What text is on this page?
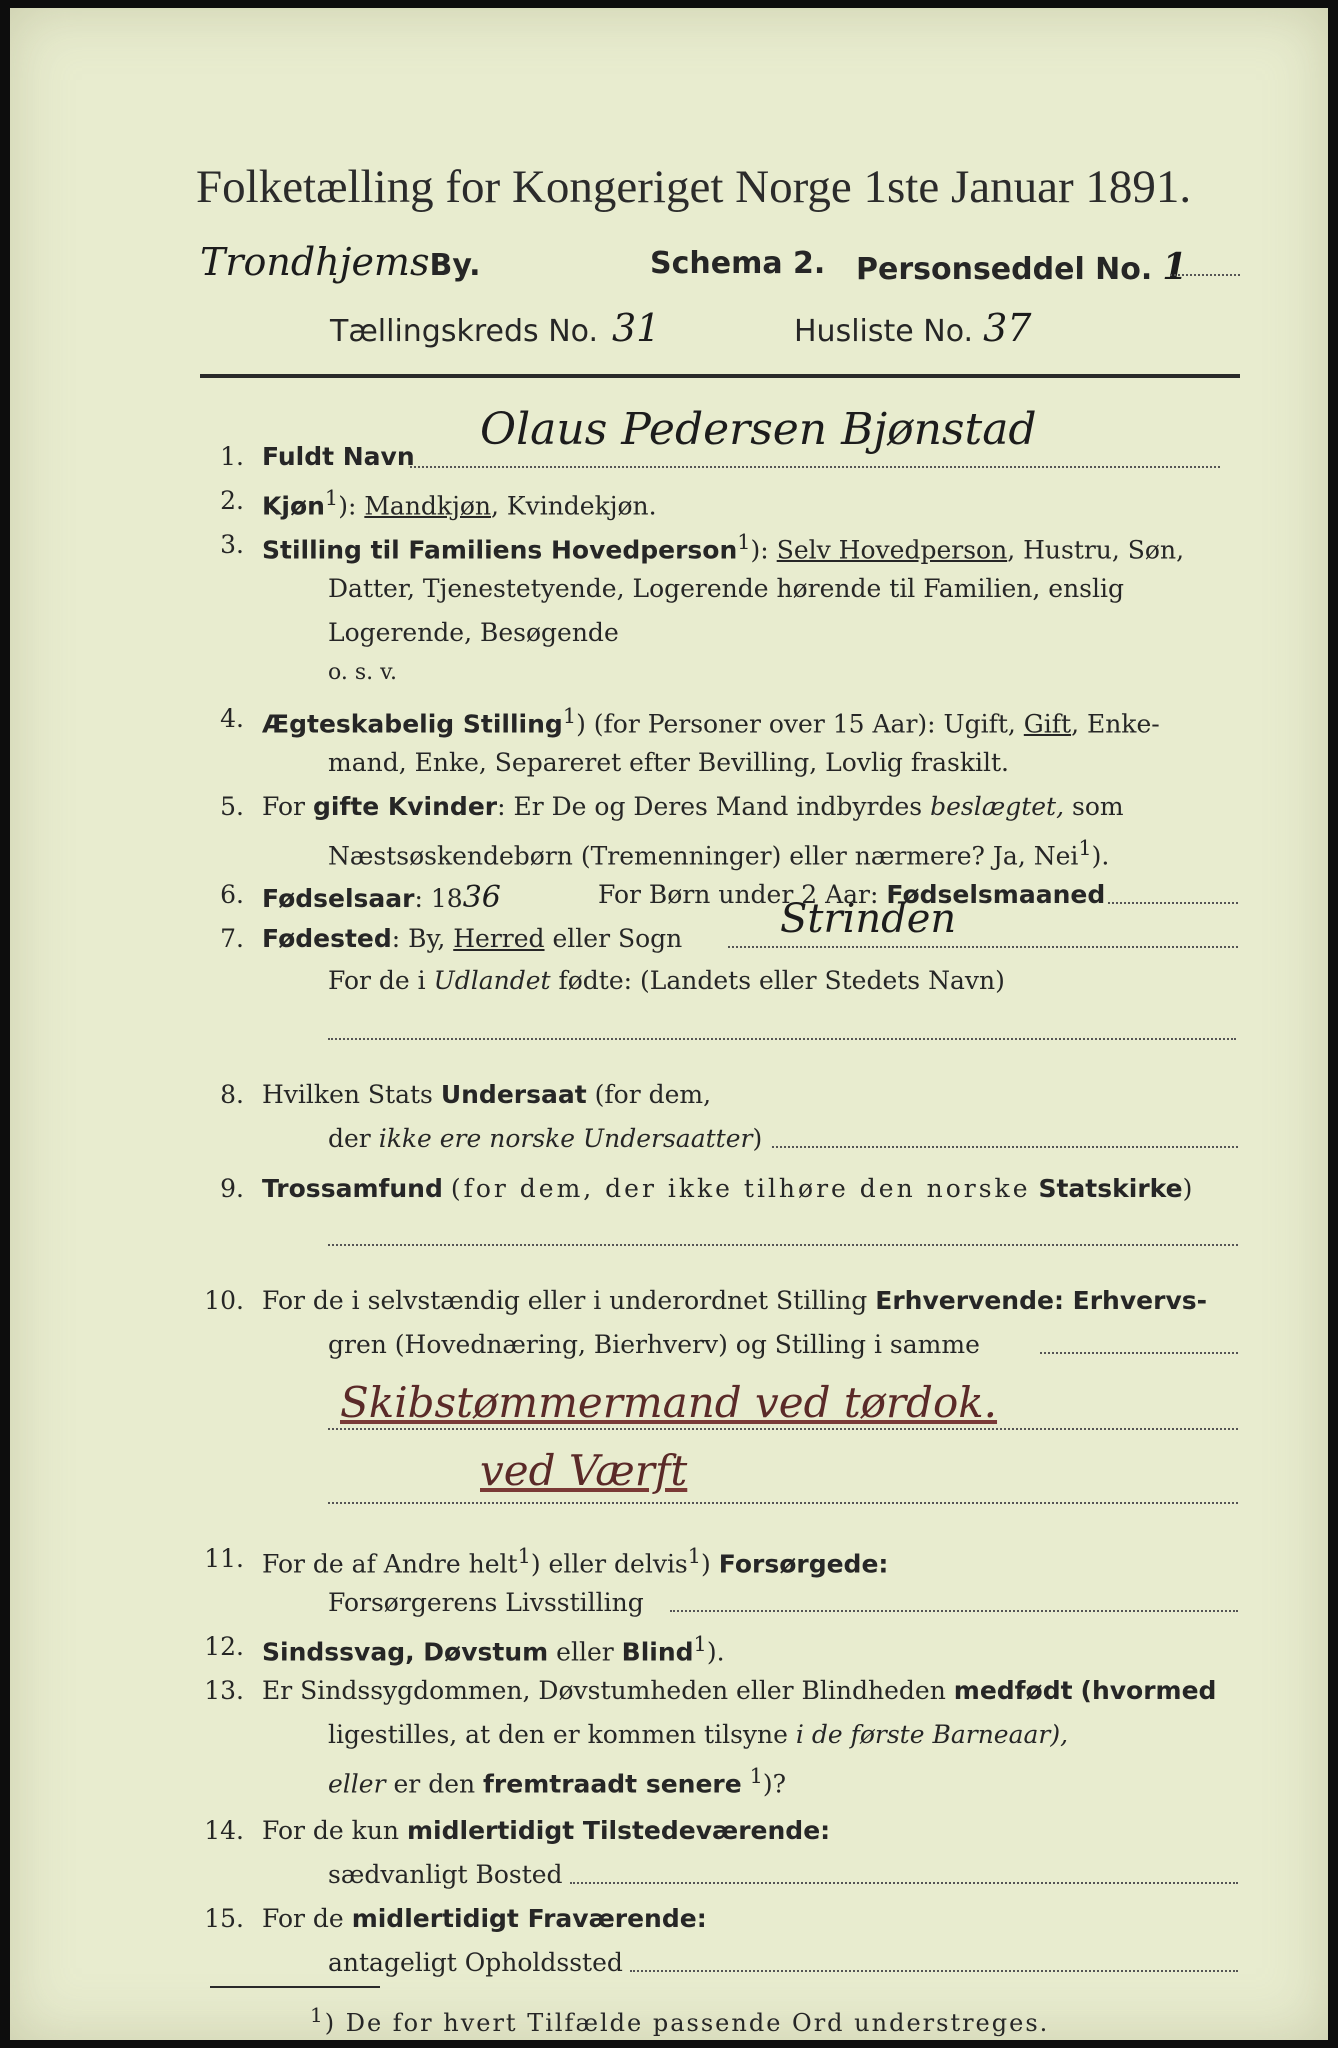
Folketælling for Kongeriget Norge 1ste Januar 1891.
TrondhjemsBy.	Schema 2. Personseddel No. 1
Tællingskreds No. 31	Husliste No. 37
1. Fuldt Navn
Olaus Pedersen Bjønstad
2. Kjøn$^1$): Mandkjøn, Kvindekjøn.
3. Stilling til Familiens Hovedperson$^1$): Selv Hovedperson, Hustru, Søn,
Datter, Tjenestetyende, Logerende hørende til Familien, enslig
Logerende, Besøgende
o. s. v.
4. Ægteskabelig Stilling$^1$) (for Personer over 15 Aar): Ugift, Gift, Enke-
mand, Enke, Separeret efter Bevilling, Lovlig fraskilt.
5. For gifte Kvinder: Er De og Deres Mand indbyrdes beslægtet, som
Næstsøskendebørn (Tremenninger) eller nærmere? Ja, Nei$^1$).
6. Fødselsaar: 1836	For Børn under 2 Aar: Fødselsmaaned
7. Fødested: By, Herred eller Sogn Strinden
For de i Udlandet fødte: (Landets eller Stedets Navn)
8. Hvilken Stats Undersaat (for dem,
der ikke ere norske Undersaatter)
9. Trossamfund (for dem, der ikke tilhøre den norske Statskirke)
10. For de i selvstændig eller i underordnet Stilling Erhvervende: Erhvervs-
gren (Hovednæring, Bierhverv) og Stilling i samme
Skibstømmermand ved tørdok.
ved Værft
11. For de af Andre helt$^1$) eller delvis$^1$) Forsørgede:
Forsørgerens Livsstilling
12. Sindssvag, Døvstum eller Blind$^1$).
13. Er Sindssygdommen, Døvstumheden eller Blindheden medfødt (hvormed
ligestilles, at den er kommen tilsyne i de første Barneaar),
eller er den fremtraadt senere $^1$)?
14. For de kun midlertidigt Tilstedeværende:
sædvanligt Bosted
15. For de midlertidigt Fraværende:
antageligt Opholdssted
$^1$) De for hvert Tilfælde passende Ord understreges.
